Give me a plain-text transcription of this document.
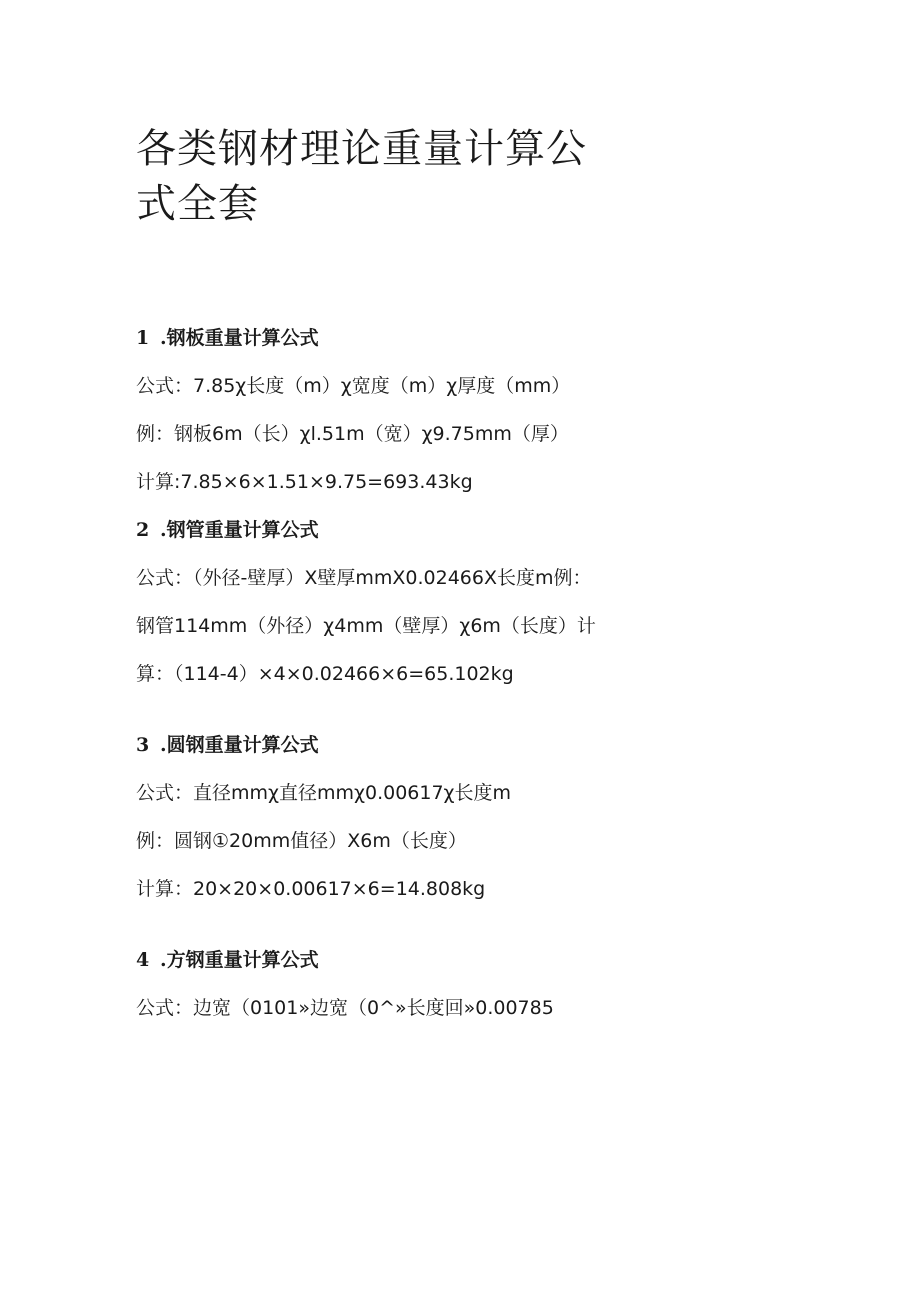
各类钢材理论重量计算公
式全套
1 .钢板重量计算公式

公式：7.85χ长度（m）χ宽度（m）χ厚度（mm）

例：钢板6m（长）χl.51m（宽）χ9.75mm（厚）

计算:7.85×6×1.51×9.75=693.43kg

2 .钢管重量计算公式

公式：（外径-壁厚）X壁厚mmX0.02466X长度m例：

钢管114mm（外径）χ4mm（壁厚）χ6m（长度）计

算：（114-4）×4×0.02466×6=65.102kg

3 .圆钢重量计算公式

公式：直径mmχ直径mmχ0.00617χ长度m

例：圆钢①20mm值径）X6m（长度）

计算：20×20×0.00617×6=14.808kg

4 .方钢重量计算公式

公式：边宽（0101»边宽（0^»长度回»0.00785
